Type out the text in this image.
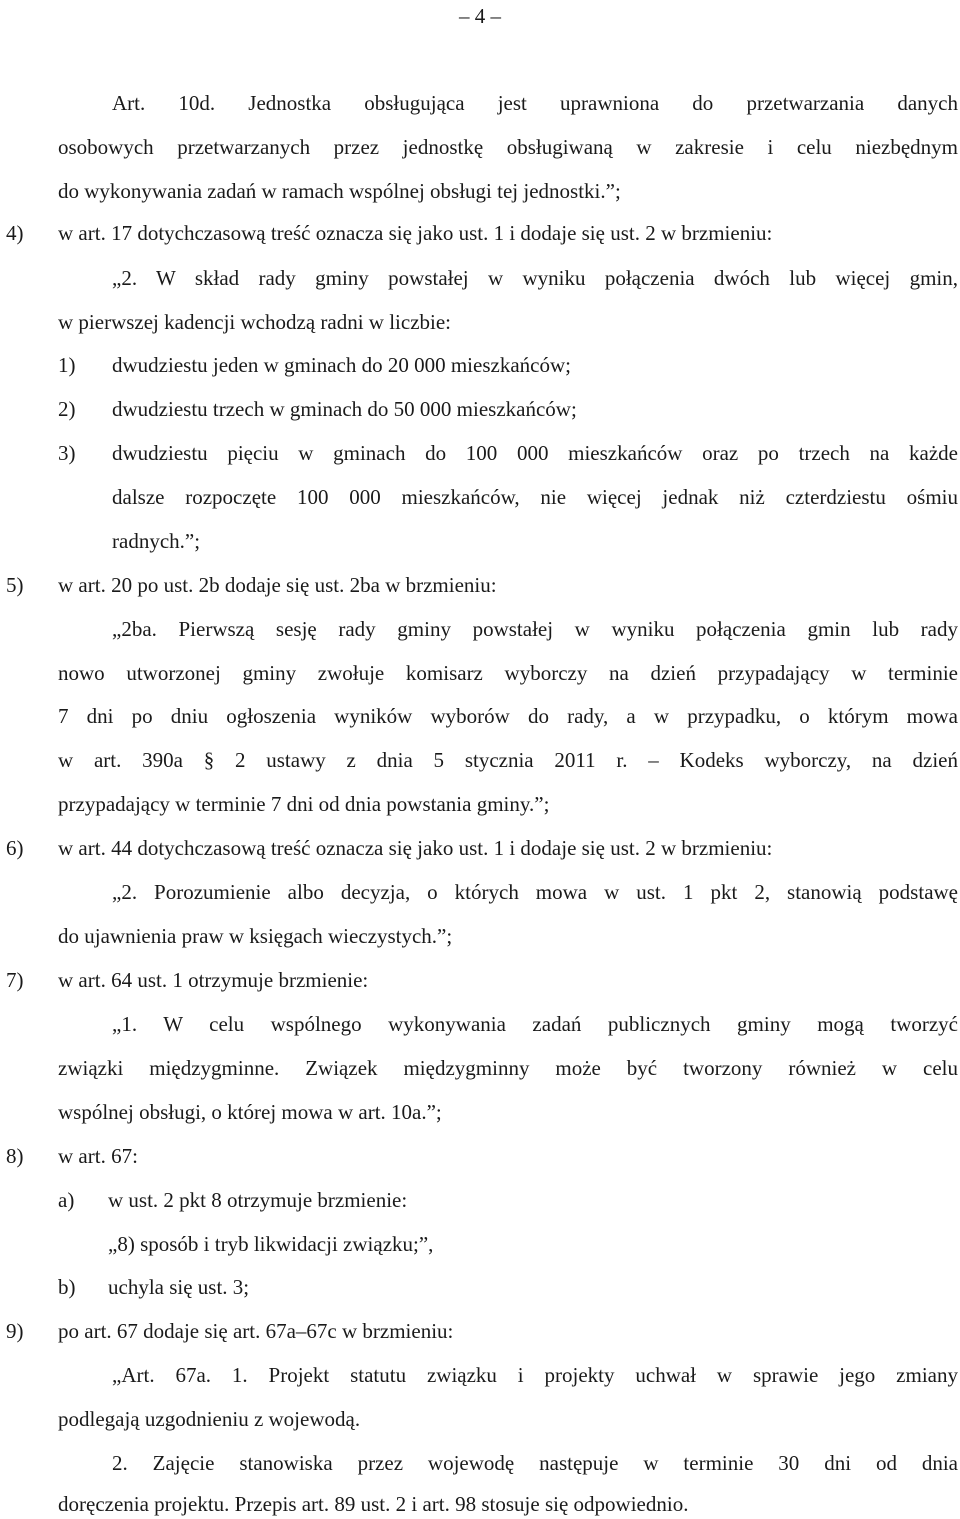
– 4 –
Art. 10d. Jednostka obsługująca jest uprawniona do przetwarzania danych
osobowych przetwarzanych przez jednostkę obsługiwaną w zakresie i celu niezbędnym
do wykonywania zadań w ramach wspólnej obsługi tej jednostki.”;
4) w art. 17 dotychczasową treść oznacza się jako ust. 1 i dodaje się ust. 2 w brzmieniu:
„2. W skład rady gminy powstałej w wyniku połączenia dwóch lub więcej gmin,
w pierwszej kadencji wchodzą radni w liczbie:
1) dwudziestu jeden w gminach do 20 000 mieszkańców;
2) dwudziestu trzech w gminach do 50 000 mieszkańców;
3) dwudziestu pięciu w gminach do 100 000 mieszkańców oraz po trzech na każde
dalsze rozpoczęte 100 000 mieszkańców, nie więcej jednak niż czterdziestu ośmiu
radnych.”;
5) w art. 20 po ust. 2b dodaje się ust. 2ba w brzmieniu:
„2ba. Pierwszą sesję rady gminy powstałej w wyniku połączenia gmin lub rady
nowo utworzonej gminy zwołuje komisarz wyborczy na dzień przypadający w terminie
7 dni po dniu ogłoszenia wyników wyborów do rady, a w przypadku, o którym mowa
w art. 390a § 2 ustawy z dnia 5 stycznia 2011 r. – Kodeks wyborczy, na dzień
przypadający w terminie 7 dni od dnia powstania gminy.”;
6) w art. 44 dotychczasową treść oznacza się jako ust. 1 i dodaje się ust. 2 w brzmieniu:
„2. Porozumienie albo decyzja, o których mowa w ust. 1 pkt 2, stanowią podstawę
do ujawnienia praw w księgach wieczystych.”;
7) w art. 64 ust. 1 otrzymuje brzmienie:
„1. W celu wspólnego wykonywania zadań publicznych gminy mogą tworzyć
związki międzygminne. Związek międzygminny może być tworzony również w celu
wspólnej obsługi, o której mowa w art. 10a.”;
8) w art. 67:
a) w ust. 2 pkt 8 otrzymuje brzmienie:
„8) sposób i tryb likwidacji związku;”,
b) uchyla się ust. 3;
9) po art. 67 dodaje się art. 67a–67c w brzmieniu:
„Art. 67a. 1. Projekt statutu związku i projekty uchwał w sprawie jego zmiany
podlegają uzgodnieniu z wojewodą.
2. Zajęcie stanowiska przez wojewodę następuje w terminie 30 dni od dnia
doręczenia projektu. Przepis art. 89 ust. 2 i art. 98 stosuje się odpowiednio.
